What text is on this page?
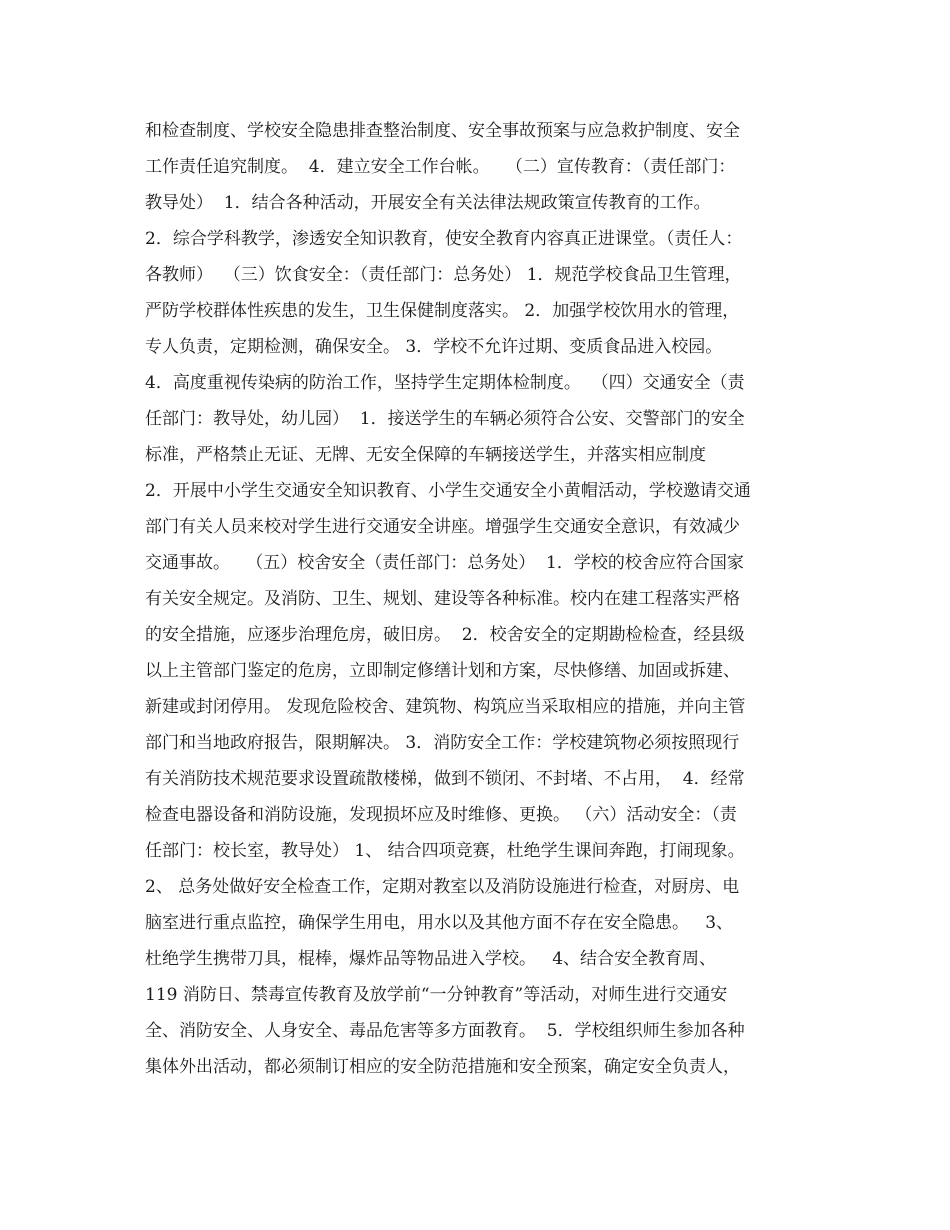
和检查制度、学校安全隐患排查整治制度、安全事故预案与应急救护制度、安全
工作责任追究制度。  4．建立安全工作台帐。   （二）宣传教育：（责任部门：
教导处）  1．结合各种活动，开展安全有关法律法规政策宣传教育的工作。
2．综合学科教学，渗透安全知识教育，使安全教育内容真正进课堂。（责任人：
各教师）  （三）饮食安全：（责任部门：总务处） 1．规范学校食品卫生管理，
严防学校群体性疾患的发生，卫生保健制度落实。 2．加强学校饮用水的管理，
专人负责，定期检测，确保安全。 3．学校不允许过期、变质食品进入校园。
4．高度重视传染病的防治工作，坚持学生定期体检制度。  （四）交通安全（责
任部门：教导处，幼儿园）  1．接送学生的车辆必须符合公安、交警部门的安全
标准，严格禁止无证、无牌、无安全保障的车辆接送学生，并落实相应制度
2．开展中小学生交通安全知识教育、小学生交通安全小黄帽活动，学校邀请交通
部门有关人员来校对学生进行交通安全讲座。增强学生交通安全意识，有效减少
交通事故。   （五）校舍安全（责任部门：总务处）  1．学校的校舍应符合国家
有关安全规定。及消防、卫生、规划、建设等各种标准。校内在建工程落实严格
的安全措施，应逐步治理危房，破旧房。  2．校舍安全的定期勘检检查，经县级
以上主管部门鉴定的危房，立即制定修缮计划和方案，尽快修缮、加固或拆建、
新建或封闭停用。 发现危险校舍、建筑物、构筑应当采取相应的措施，并向主管
部门和当地政府报告，限期解决。 3．消防安全工作：学校建筑物必须按照现行
有关消防技术规范要求设置疏散楼梯，做到不锁闭、不封堵、不占用，  4．经常
检查电器设备和消防设施，发现损坏应及时维修、更换。 （六）活动安全：（责
任部门：校长室，教导处） 1、 结合四项竞赛，杜绝学生课间奔跑，打闹现象。
2、 总务处做好安全检查工作，定期对教室以及消防设施进行检查，对厨房、电
脑室进行重点监控，确保学生用电，用水以及其他方面不存在安全隐患。   3、
杜绝学生携带刀具，棍棒，爆炸品等物品进入学校。   4、结合安全教育周、
119 消防日、禁毒宣传教育及放学前“一分钟教育”等活动，对师生进行交通安
全、消防安全、人身安全、毒品危害等多方面教育。  5．学校组织师生参加各种
集体外出活动，都必须制订相应的安全防范措施和安全预案，确定安全负责人，
